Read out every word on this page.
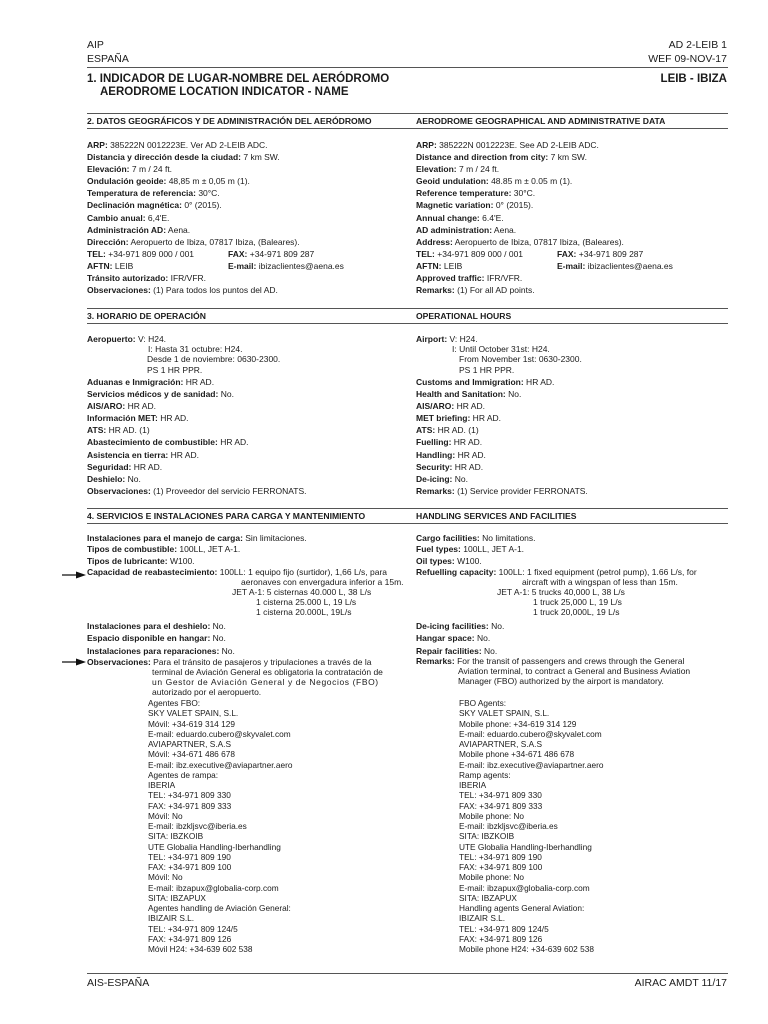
AIP
ESPAÑA
AD 2-LEIB 1
WEF 09-NOV-17
1. INDICADOR DE LUGAR-NOMBRE DEL AERÓDROMO
AERODROME LOCATION INDICATOR - NAME
LEIB - IBIZA
2. DATOS GEOGRÁFICOS Y DE ADMINISTRACIÓN DEL AERÓDROMO	AERODROME GEOGRAPHICAL AND ADMINISTRATIVE DATA
ARP: 385222N 0012223E. Ver AD 2-LEIB ADC.
Distancia y dirección desde la ciudad: 7 km SW.
Elevación: 7 m / 24 ft.
Ondulación geoide: 48,85 m ± 0,05 m (1).
Temperatura de referencia: 30°C.
Declinación magnética: 0° (2015).
Cambio anual: 6,4'E.
Administración AD: Aena.
Dirección: Aeropuerto de Ibiza, 07817 Ibiza, (Baleares).
TEL: +34-971 809 000 / 001	FAX: +34-971 809 287
AFTN: LEIB	E-mail: ibizaclientes@aena.es
Tránsito autorizado: IFR/VFR.
Observaciones: (1) Para todos los puntos del AD.
ARP: 385222N 0012223E. See AD 2-LEIB ADC.
Distance and direction from city: 7 km SW.
Elevation: 7 m / 24 ft.
Geoid undulation: 48.85 m ± 0.05 m (1).
Reference temperature: 30°C.
Magnetic variation: 0° (2015).
Annual change: 6.4'E.
AD administration: Aena.
Address: Aeropuerto de Ibiza, 07817 Ibiza, (Baleares).
TEL: +34-971 809 000 / 001	FAX: +34-971 809 287
AFTN: LEIB	E-mail: ibizaclientes@aena.es
Approved traffic: IFR/VFR.
Remarks: (1) For all AD points.
3. HORARIO DE OPERACIÓN	OPERATIONAL HOURS
Aeropuerto: V: H24.
I: Hasta 31 octubre: H24.
Desde 1 de noviembre: 0630-2300.
PS 1 HR PPR.
Aduanas e Inmigración: HR AD.
Servicios médicos y de sanidad: No.
AIS/ARO: HR AD.
Información MET: HR AD.
ATS: HR AD. (1)
Abastecimiento de combustible: HR AD.
Asistencia en tierra: HR AD.
Seguridad: HR AD.
Deshielo: No.
Observaciones: (1) Proveedor del servicio FERRONATS.
Airport: V: H24.
I: Until October 31st: H24.
From November 1st: 0630-2300.
PS 1 HR PPR.
Customs and Immigration: HR AD.
Health and Sanitation: No.
AIS/ARO: HR AD.
MET briefing: HR AD.
ATS: HR AD. (1)
Fuelling: HR AD.
Handling: HR AD.
Security: HR AD.
De-icing: No.
Remarks: (1) Service provider FERRONATS.
4. SERVICIOS E INSTALACIONES PARA CARGA Y MANTENIMIENTO	HANDLING SERVICES AND FACILITIES
Instalaciones para el manejo de carga: Sin limitaciones.
Tipos de combustible: 100LL, JET A-1.
Tipos de lubricante: W100.
Capacidad de reabastecimiento: 100LL: 1 equipo fijo (surtidor), 1,66 L/s, para
aeronaves con envergadura inferior a 15m.
JET A-1: 5 cisternas 40.000 L, 38 L/s
1 cisterna 25.000 L, 19 L/s
1 cisterna 20.000L, 19L/s
Instalaciones para el deshielo: No.
Espacio disponible en hangar: No.
Instalaciones para reparaciones: No.
Observaciones: Para el tránsito de pasajeros y tripulaciones a través de la
terminal de Aviación General es obligatoria la contratación de
un Gestor de Aviación General y de Negocios (FBO)
autorizado por el aeropuerto.
Cargo facilities: No limitations.
Fuel types: 100LL, JET A-1.
Oil types: W100.
Refuelling capacity: 100LL: 1 fixed equipment (petrol pump), 1.66 L/s, for
aircraft with a wingspan of less than 15m.
JET A-1: 5 trucks 40,000 L, 38 L/s
1 truck 25,000 L, 19 L/s
1 truck 20,000L, 19 L/s
De-icing facilities: No.
Hangar space: No.
Repair facilities: No.
Remarks: For the transit of passengers and crews through the General
Aviation terminal, to contract a General and Business Aviation
Manager (FBO) authorized by the airport is mandatory.
Agentes FBO:
SKY VALET SPAIN, S.L.
Móvil: +34-619 314 129
E-mail: eduardo.cubero@skyvalet.com
AVIAPARTNER, S.A.S
Móvil: +34-671 486 678
E-mail: ibz.executive@aviapartner.aero
Agentes de rampa:
IBERIA
TEL: +34-971 809 330
FAX: +34-971 809 333
Móvil: No
E-mail: ibzkljsvc@iberia.es
SITA: IBZKOIB
UTE Globalia Handling-Iberhandling
TEL: +34-971 809 190
FAX: +34-971 809 100
Móvil: No
E-mail: ibzapux@globalia-corp.com
SITA: IBZAPUX
Agentes handling de Aviación General:
IBIZAIR S.L.
TEL: +34-971 809 124/5
FAX: +34-971 809 126
Móvil H24: +34-639 602 538
FBO Agents:
SKY VALET SPAIN, S.L.
Mobile phone: +34-619 314 129
E-mail: eduardo.cubero@skyvalet.com
AVIAPARTNER, S.A.S
Mobile phone +34-671 486 678
E-mail: ibz.executive@aviapartner.aero
Ramp agents:
IBERIA
TEL: +34-971 809 330
FAX: +34-971 809 333
Mobile phone: No
E-mail: ibzkljsvc@iberia.es
SITA: IBZKOIB
UTE Globalia Handling-Iberhandling
TEL: +34-971 809 190
FAX: +34-971 809 100
Mobile phone: No
E-mail: ibzapux@globalia-corp.com
SITA: IBZAPUX
Handling agents General Aviation:
IBIZAIR S.L.
TEL: +34-971 809 124/5
FAX: +34-971 809 126
Mobile phone H24: +34-639 602 538
AIS-ESPAÑA	AIRAC AMDT 11/17
